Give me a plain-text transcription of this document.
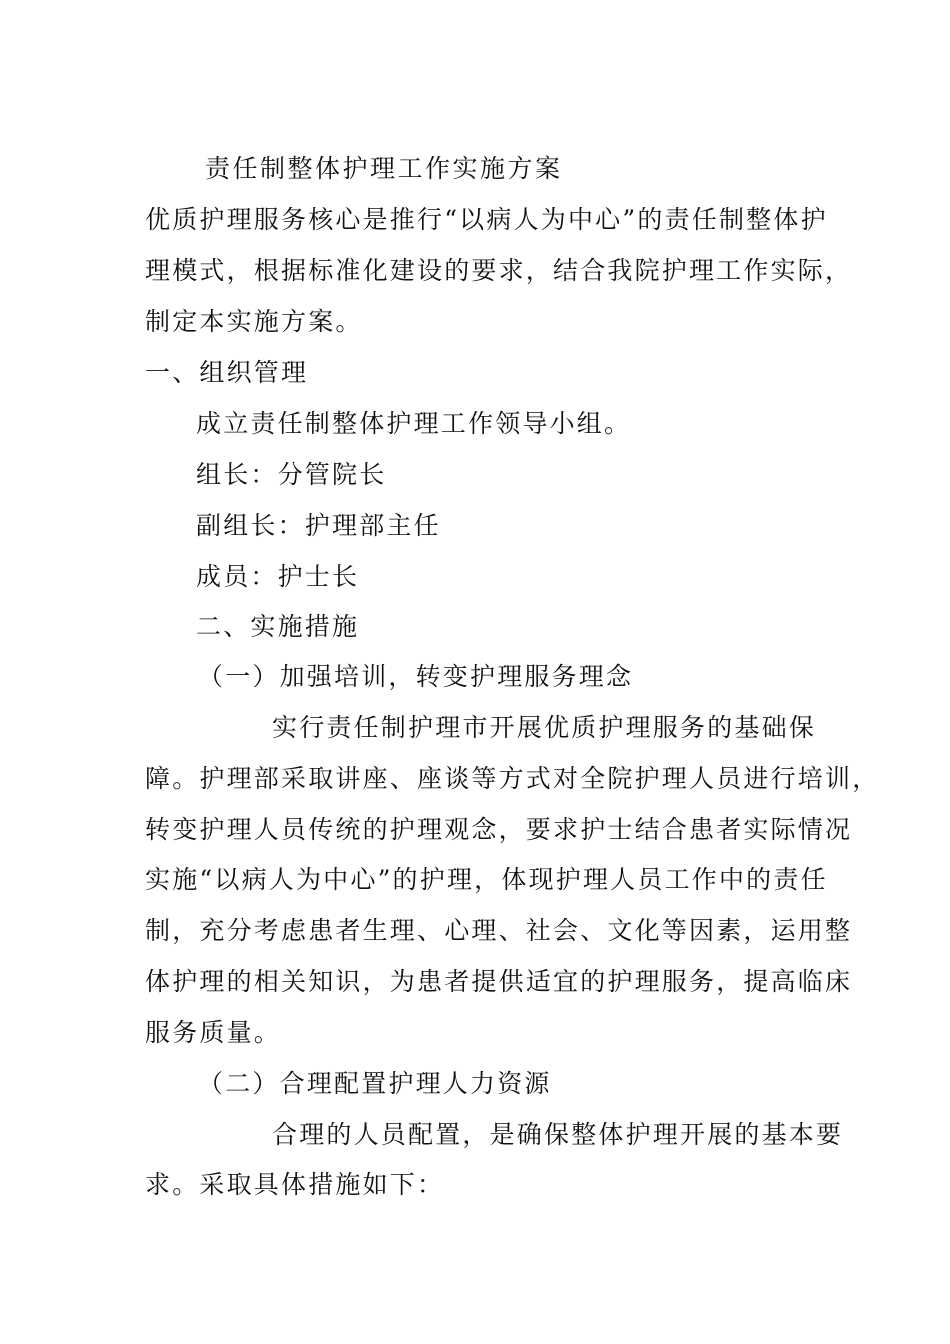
责任制整体护理工作实施方案
优质护理服务核心是推行“以病人为中心”的责任制整体护
理模式，根据标准化建设的要求，结合我院护理工作实际，
制定本实施方案。
一、组织管理
成立责任制整体护理工作领导小组。
组长：分管院长
副组长：护理部主任
成员：护士长
二、实施措施
（一）加强培训，转变护理服务理念
实行责任制护理市开展优质护理服务的基础保
障。护理部采取讲座、座谈等方式对全院护理人员进行培训，
转变护理人员传统的护理观念，要求护士结合患者实际情况
实施“以病人为中心”的护理，体现护理人员工作中的责任
制，充分考虑患者生理、心理、社会、文化等因素，运用整
体护理的相关知识，为患者提供适宜的护理服务，提高临床
服务质量。
（二）合理配置护理人力资源
合理的人员配置，是确保整体护理开展的基本要
求。采取具体措施如下：
